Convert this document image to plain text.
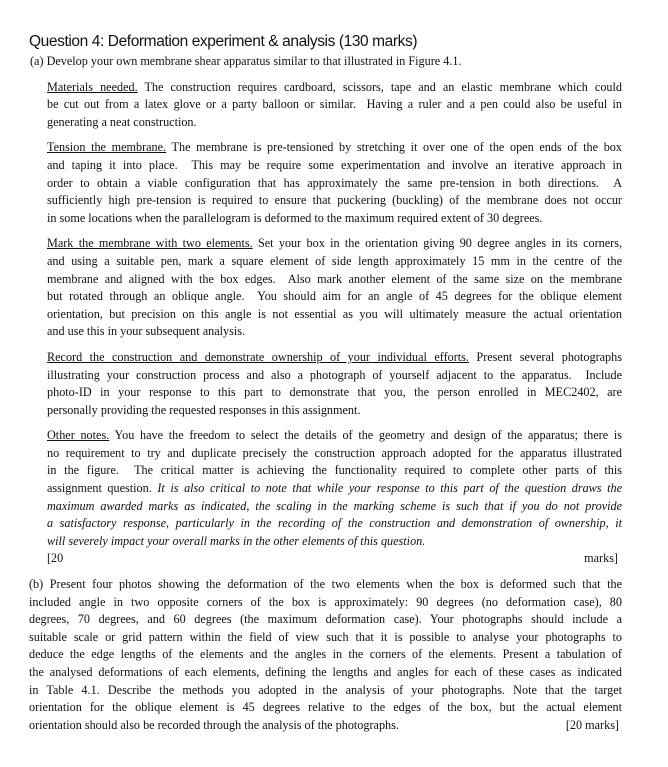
Question 4: Deformation experiment & analysis (130 marks)
(a) Develop your own membrane shear apparatus similar to that illustrated in Figure 4.1.
Materials needed. The construction requires cardboard, scissors, tape and an elastic membrane which could
be cut out from a latex glove or a party balloon or similar.  Having a ruler and a pen could also be useful in
generating a neat construction.
Tension the membrane. The membrane is pre-tensioned by stretching it over one of the open ends of the box
and taping it into place.  This may be require some experimentation and involve an iterative approach in
order to obtain a viable configuration that has approximately the same pre-tension in both directions.  A
sufficiently high pre-tension is required to ensure that puckering (buckling) of the membrane does not occur
in some locations when the parallelogram is deformed to the maximum required extent of 30 degrees.
Mark the membrane with two elements. Set your box in the orientation giving 90 degree angles in its corners,
and using a suitable pen, mark a square element of side length approximately 15 mm in the centre of the
membrane and aligned with the box edges.  Also mark another element of the same size on the membrane
but rotated through an oblique angle.  You should aim for an angle of 45 degrees for the oblique element
orientation, but precision on this angle is not essential as you will ultimately measure the actual orientation
and use this in your subsequent analysis.
Record the construction and demonstrate ownership of your individual efforts. Present several photographs
illustrating your construction process and also a photograph of yourself adjacent to the apparatus.  Include
photo-ID in your response to this part to demonstrate that you, the person enrolled in MEC2402, are
personally providing the requested responses in this assignment.
Other notes. You have the freedom to select the details of the geometry and design of the apparatus; there is
no requirement to try and duplicate precisely the construction approach adopted for the apparatus illustrated
in the figure.  The critical matter is achieving the functionality required to complete other parts of this
assignment question. It is also critical to note that while your response to this part of the question draws the
maximum awarded marks as indicated, the scaling in the marking scheme is such that if you do not provide
a satisfactory response, particularly in the recording of the construction and demonstration of ownership, it
will severely impact your overall marks in the other elements of this question.
[20 marks]
(b) Present four photos showing the deformation of the two elements when the box is deformed such that the
included angle in two opposite corners of the box is approximately: 90 degrees (no deformation case), 80
degrees, 70 degrees, and 60 degrees (the maximum deformation case). Your photographs should include a
suitable scale or grid pattern within the field of view such that it is possible to analyse your photographs to
deduce the edge lengths of the elements and the angles in the corners of the elements. Present a tabulation of
the analysed deformations of each elements, defining the lengths and angles for each of these cases as indicated
in Table 4.1. Describe the methods you adopted in the analysis of your photographs. Note that the target
orientation for the oblique element is 45 degrees relative to the edges of the box, but the actual element
orientation should also be recorded through the analysis of the photographs.	[20 marks]
